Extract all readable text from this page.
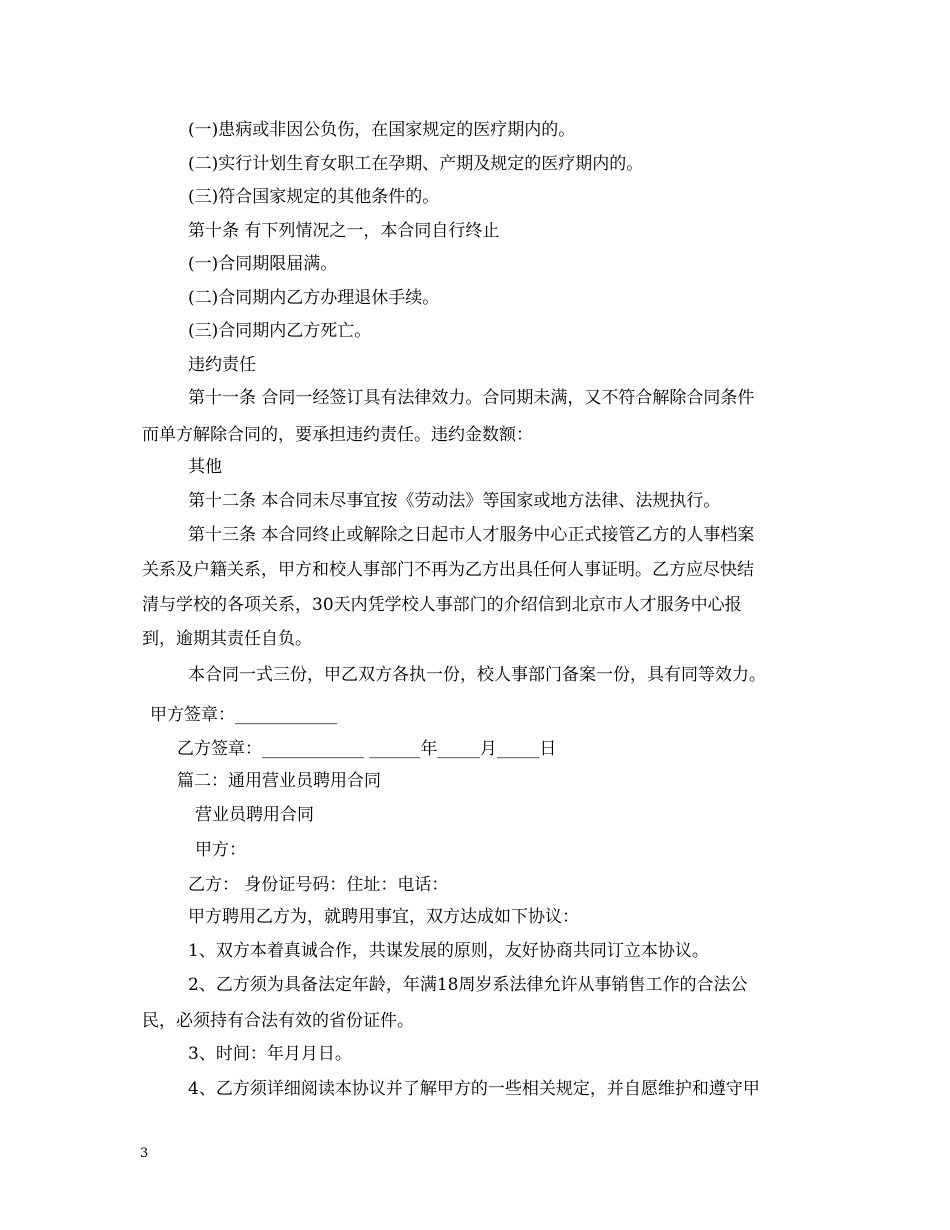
(一)患病或非因公负伤，在国家规定的医疗期内的。
(二)实行计划生育女职工在孕期、产期及规定的医疗期内的。
(三)符合国家规定的其他条件的。
第十条 有下列情况之一，本合同自行终止
(一)合同期限届满。
(二)合同期内乙方办理退休手续。
(三)合同期内乙方死亡。
违约责任
第十一条 合同一经签订具有法律效力。合同期未满，又不符合解除合同条件
而单方解除合同的，要承担违约责任。违约金数额：
其他
第十二条 本合同未尽事宜按《劳动法》等国家或地方法律、法规执行。
第十三条 本合同终止或解除之日起市人才服务中心正式接管乙方的人事档案
关系及户籍关系，甲方和校人事部门不再为乙方出具任何人事证明。乙方应尽快结
清与学校的各项关系，30天内凭学校人事部门的介绍信到北京市人才服务中心报
到，逾期其责任自负。
本合同一式三份，甲乙双方各执一份，校人事部门备案一份，具有同等效力。
甲方签章：____________
乙方签章：____________ ______年_____月_____日
篇二：通用营业员聘用合同
营业员聘用合同
甲方：
乙方： 身份证号码：住址：电话：
甲方聘用乙方为，就聘用事宜，双方达成如下协议：
1、双方本着真诚合作，共谋发展的原则，友好协商共同订立本协议。
2、乙方须为具备法定年龄，年满18周岁系法律允许从事销售工作的合法公
民，必须持有合法有效的省份证件。
3、时间：年月月日。
4、乙方须详细阅读本协议并了解甲方的一些相关规定，并自愿维护和遵守甲
3
